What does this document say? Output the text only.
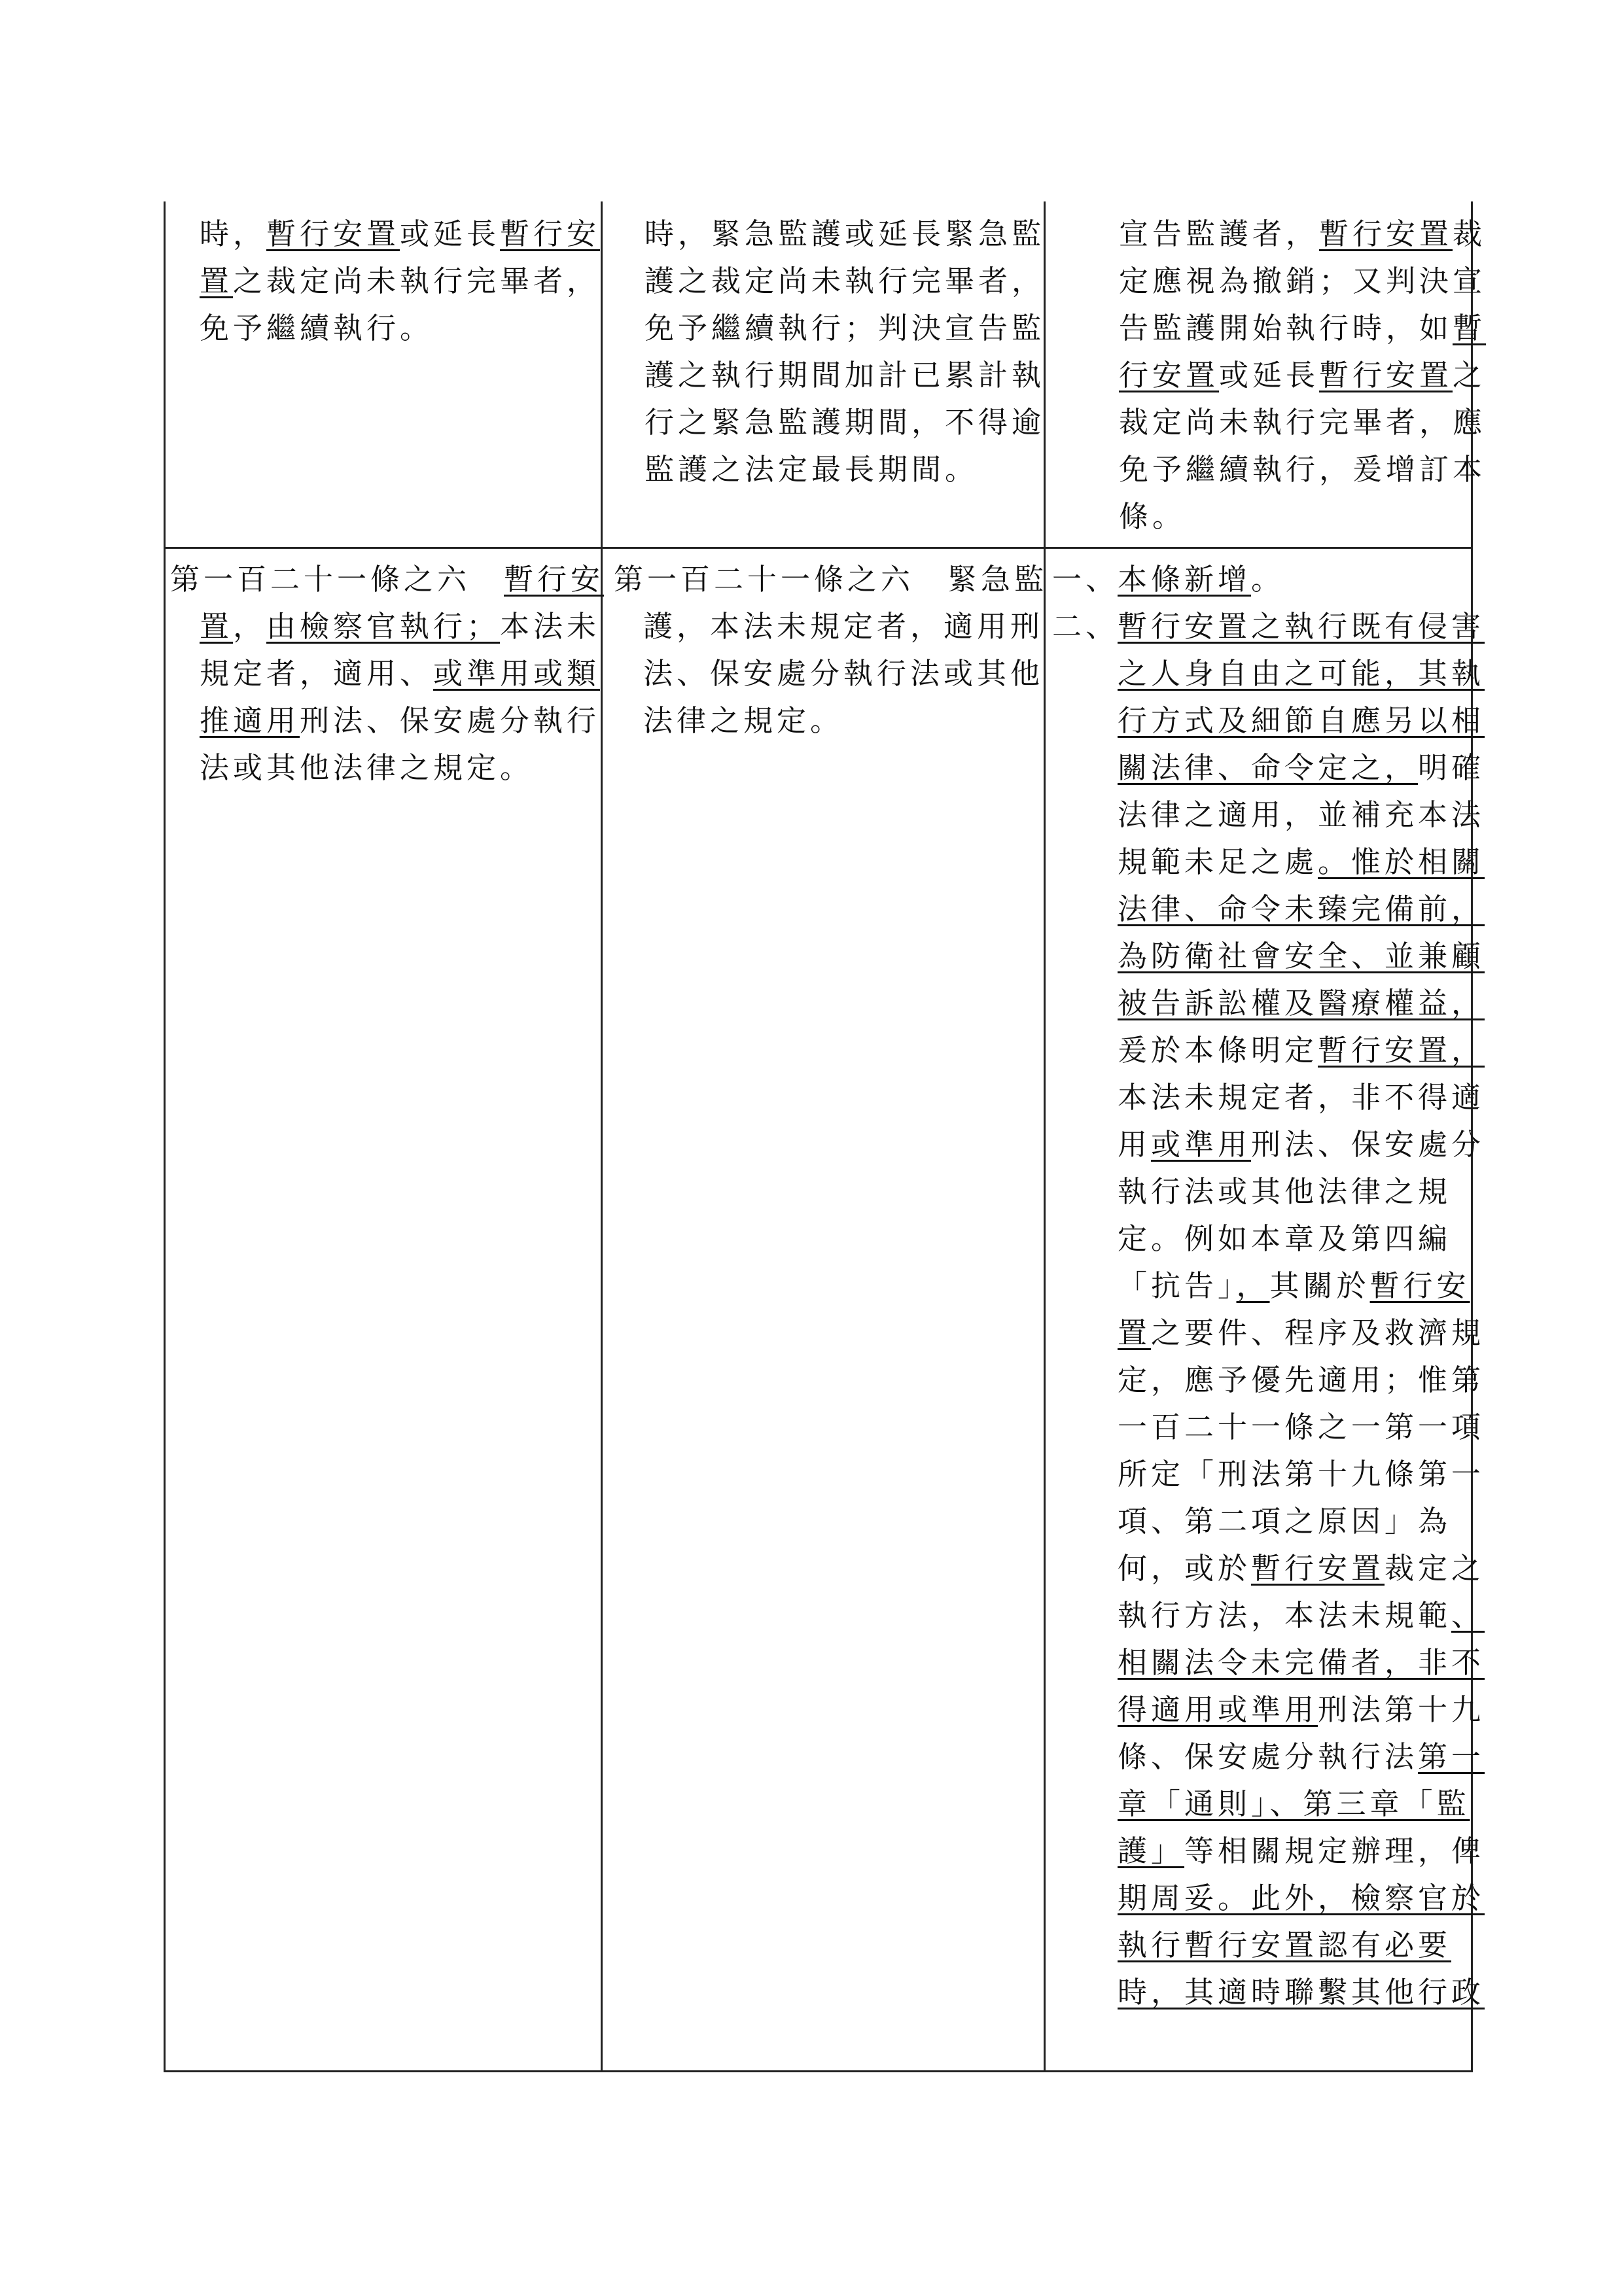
時，暫行安置或延長暫行安
置之裁定尚未執行完畢者，
免予繼續執行。
時，緊急監護或延長緊急監
護之裁定尚未執行完畢者，
免予繼續執行；判決宣告監
護之執行期間加計已累計執
行之緊急監護期間，不得逾
監護之法定最長期間。
宣告監護者，暫行安置裁
定應視為撤銷；又判決宣
告監護開始執行時，如暫
行安置或延長暫行安置之
裁定尚未執行完畢者，應
免予繼續執行，爰增訂本
條。
第一百二十一條之六　暫行安
置，由檢察官執行；本法未
規定者，適用、或準用或類
推適用刑法、保安處分執行
法或其他法律之規定。
第一百二十一條之六　緊急監
護，本法未規定者，適用刑
法、保安處分執行法或其他
法律之規定。
一、
本條新增。
二、
暫行安置之執行既有侵害
之人身自由之可能，其執
行方式及細節自應另以相
關法律、命令定之，明確
法律之適用，並補充本法
規範未足之處。惟於相關
法律、命令未臻完備前，
為防衛社會安全、並兼顧
被告訴訟權及醫療權益，
爰於本條明定暫行安置，
本法未規定者，非不得適
用或準用刑法、保安處分
執行法或其他法律之規
定。例如本章及第四編
「抗告」，其關於暫行安
置之要件、程序及救濟規
定，應予優先適用；惟第
一百二十一條之一第一項
所定「刑法第十九條第一
項、第二項之原因」為
何，或於暫行安置裁定之
執行方法，本法未規範、
相關法令未完備者，非不
得適用或準用刑法第十九
條、保安處分執行法第一
章「通則」、第三章「監
護」等相關規定辦理，俾
期周妥。此外，檢察官於
執行暫行安置認有必要
時，其適時聯繫其他行政
